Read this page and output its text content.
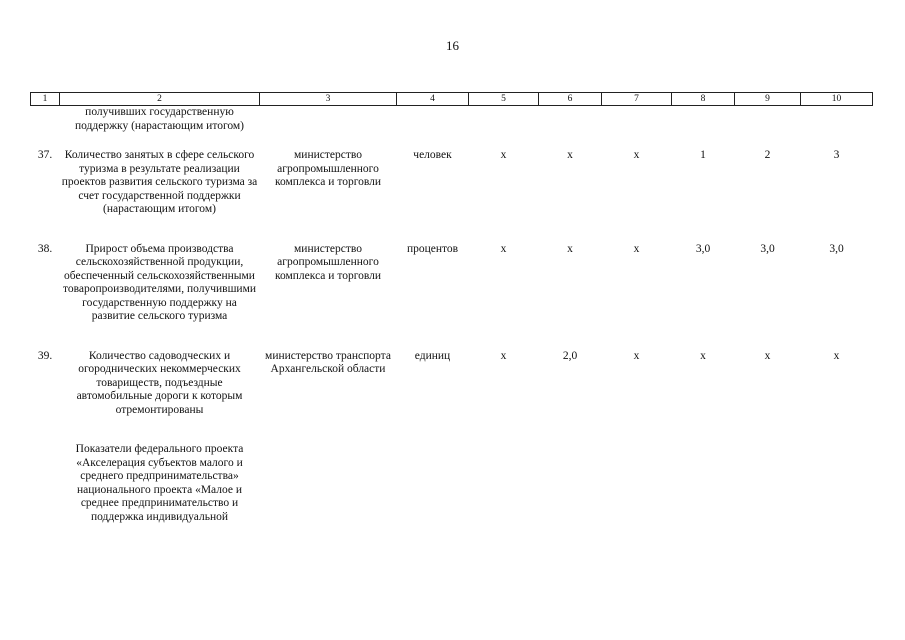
16
1	2	3	4	5	6	7	8	9	10
	получивших государственную поддержку (нарастающим итогом)								

37.	Количество занятых в сфере сельского туризма в результате реализации проектов развития сельского туризма за счет государственной поддержки (нарастающим итогом)	министерство агропромышленного комплекса и торговли	человек	х	х	х	1	2	3

38.	Прирост объема производства сельскохозяйственной продукции, обеспеченный сельскохозяйственными товаропроизводителями, получившими государственную поддержку на развитие сельского туризма	министерство агропромышленного комплекса и торговли	процентов	х	х	х	3,0	3,0	3,0

39.	Количество садоводческих и огороднических некоммерческих товариществ, подъездные автомобильные дороги к которым отремонтированы	министерство транспорта Архангельской области	единиц	х	2,0	х	х	х	х

	Показатели федерального проекта «Акселерация субъектов малого и среднего предпринимательства» национального проекта «Малое и среднее предпринимательство и поддержка индивидуальной								
